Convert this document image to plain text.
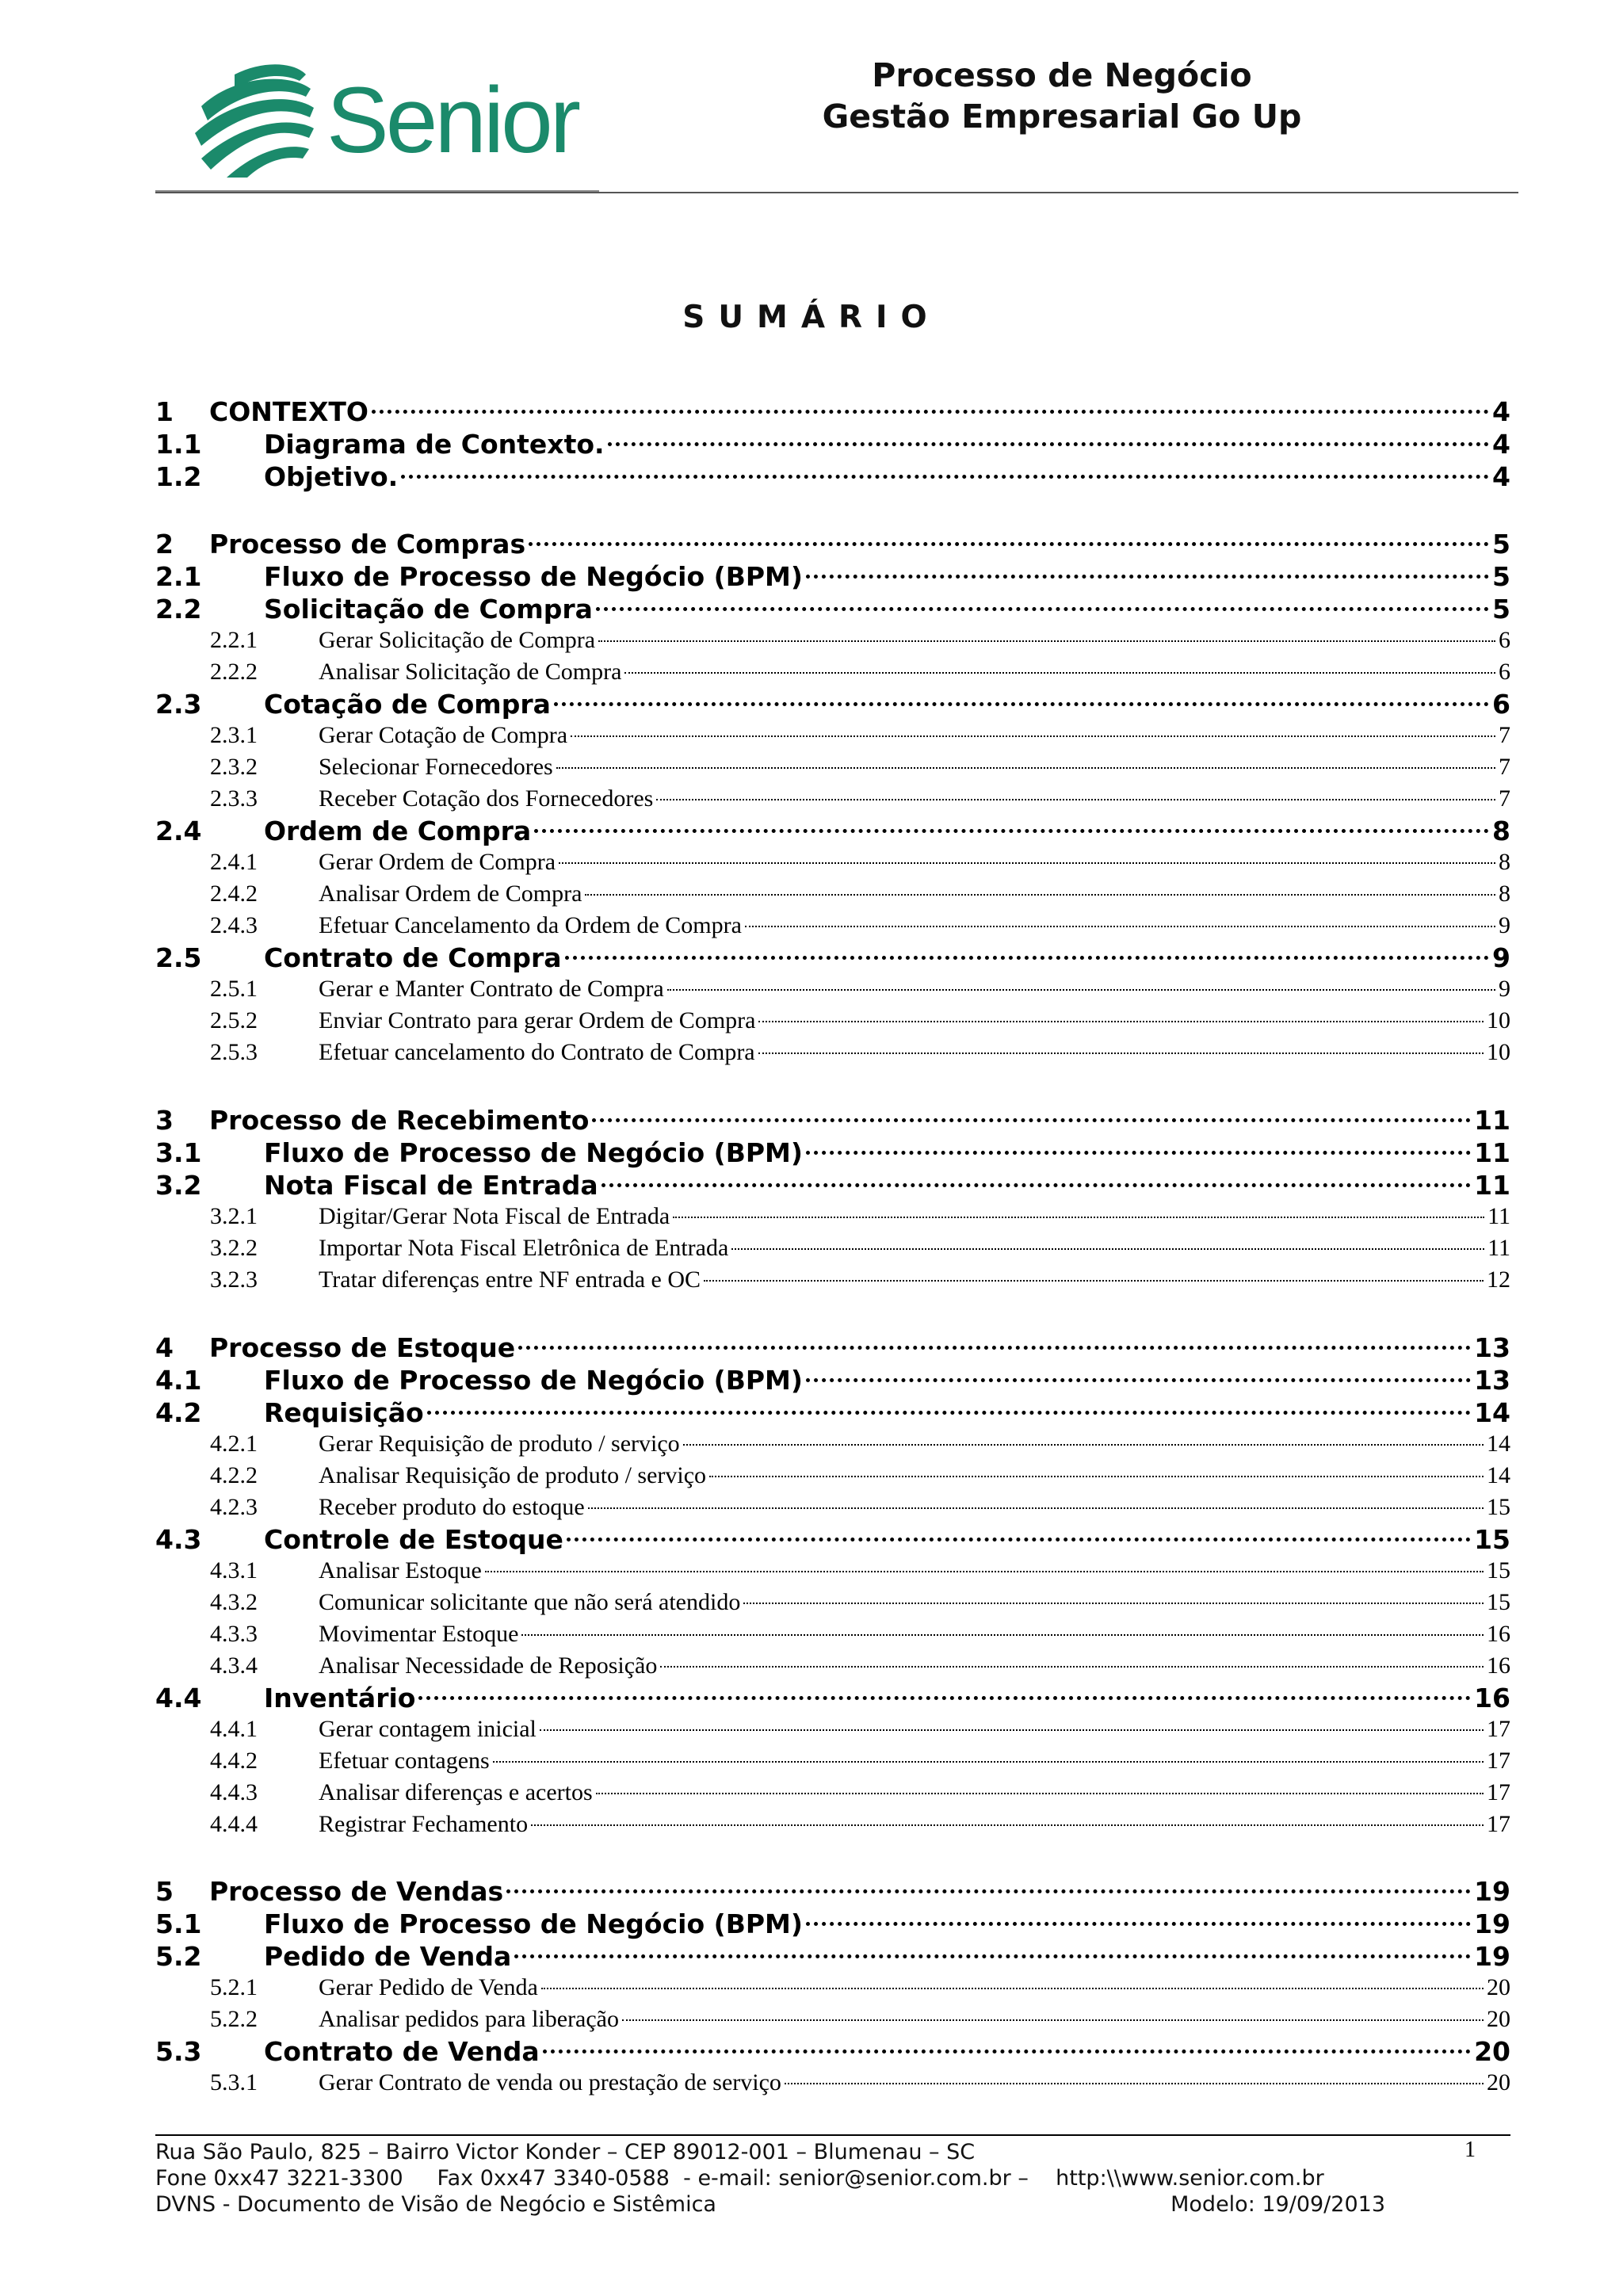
Senior	Processo de Negócio
Gestão Empresarial Go Up
SUMÁRIO
1	CONTEXTO	4
1.1	Diagrama de Contexto.	4
1.2	Objetivo.	4
2	Processo de Compras	5
2.1	Fluxo de Processo de Negócio (BPM)	5
2.2	Solicitação de Compra	5
2.2.1	Gerar Solicitação de Compra	6
2.2.2	Analisar Solicitação de Compra	6
2.3	Cotação de Compra	6
2.3.1	Gerar Cotação de Compra	7
2.3.2	Selecionar Fornecedores	7
2.3.3	Receber Cotação dos Fornecedores	7
2.4	Ordem de Compra	8
2.4.1	Gerar Ordem de Compra	8
2.4.2	Analisar Ordem de Compra	8
2.4.3	Efetuar Cancelamento da Ordem de Compra	9
2.5	Contrato de Compra	9
2.5.1	Gerar e Manter Contrato de Compra	9
2.5.2	Enviar Contrato para gerar Ordem de Compra	10
2.5.3	Efetuar cancelamento do Contrato de Compra	10
3	Processo de Recebimento	11
3.1	Fluxo de Processo de Negócio (BPM)	11
3.2	Nota Fiscal de Entrada	11
3.2.1	Digitar/Gerar Nota Fiscal de Entrada	11
3.2.2	Importar Nota Fiscal Eletrônica de Entrada	11
3.2.3	Tratar diferenças entre NF entrada e OC	12
4	Processo de Estoque	13
4.1	Fluxo de Processo de Negócio (BPM)	13
4.2	Requisição	14
4.2.1	Gerar Requisição de produto / serviço	14
4.2.2	Analisar Requisição de produto / serviço	14
4.2.3	Receber produto do estoque	15
4.3	Controle de Estoque	15
4.3.1	Analisar Estoque	15
4.3.2	Comunicar solicitante que não será atendido	15
4.3.3	Movimentar Estoque	16
4.3.4	Analisar Necessidade de Reposição	16
4.4	Inventário	16
4.4.1	Gerar contagem inicial	17
4.4.2	Efetuar contagens	17
4.4.3	Analisar diferenças e acertos	17
4.4.4	Registrar Fechamento	17
5	Processo de Vendas	19
5.1	Fluxo de Processo de Negócio (BPM)	19
5.2	Pedido de Venda	19
5.2.1	Gerar Pedido de Venda	20
5.2.2	Analisar pedidos para liberação	20
5.3	Contrato de Venda	20
5.3.1	Gerar Contrato de venda ou prestação de serviço	20
1
Rua São Paulo, 825 – Bairro Victor Konder – CEP 89012-001 – Blumenau – SC
Fone 0xx47 3221-3300     Fax 0xx47 3340-0588  - e-mail: senior@senior.com.br –    http:\\www.senior.com.br
DVNS - Documento de Visão de Negócio e Sistêmica	Modelo: 19/09/2013
